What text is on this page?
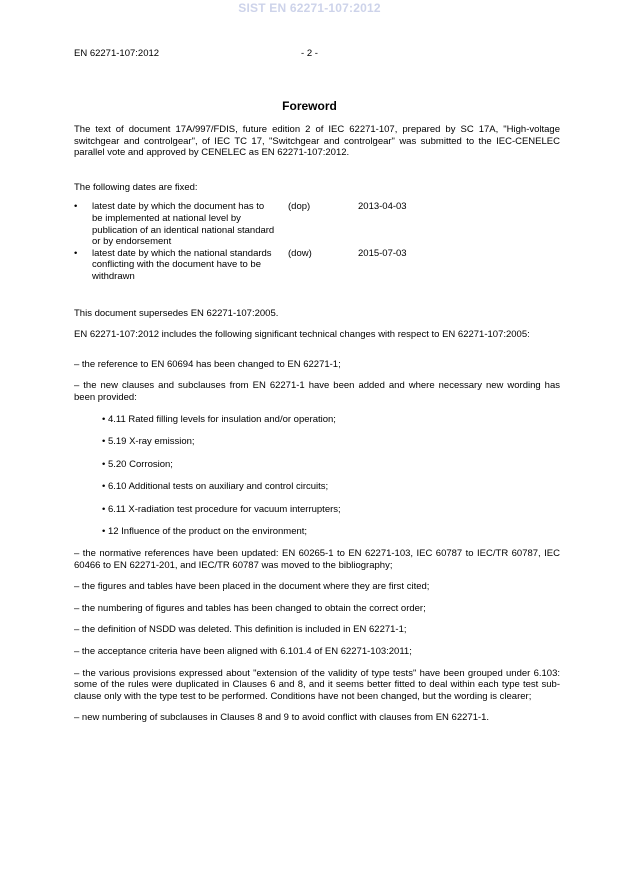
SIST EN 62271-107:2012
EN 62271-107:2012	- 2 -
Foreword

The text of document 17A/997/FDIS, future edition 2 of IEC 62271-107, prepared by SC 17A, "High-voltage switchgear and controlgear", of IEC TC 17, "Switchgear and controlgear" was submitted to the IEC-CENELEC parallel vote and approved by CENELEC as EN 62271-107:2012.

The following dates are fixed:

•	latest date by which the document has to be implemented at national level by publication of an identical national standard or by endorsement
(dop)	2013-04-03
•	latest date by which the national standards conflicting with the document have to be withdrawn
(dow)	2015-07-03

This document supersedes EN 62271-107:2005.

EN 62271-107:2012 includes the following significant technical changes with respect to EN 62271-107:2005:

– the reference to EN 60694 has been changed to EN 62271-1;

– the new clauses and subclauses from EN 62271-1 have been added and where necessary new wording has been provided:

• 4.11 Rated filling levels for insulation and/or operation;
• 5.19 X-ray emission;
• 5.20 Corrosion;
• 6.10 Additional tests on auxiliary and control circuits;
• 6.11 X-radiation test procedure for vacuum interrupters;
• 12 Influence of the product on the environment;

– the normative references have been updated: EN 60265-1 to EN 62271-103, IEC 60787 to IEC/TR 60787, IEC 60466 to EN 62271-201, and IEC/TR 60787 was moved to the bibliography;

– the figures and tables have been placed in the document where they are first cited;

– the numbering of figures and tables has been changed to obtain the correct order;

– the definition of NSDD was deleted. This definition is included in EN 62271-1;

– the acceptance criteria have been aligned with 6.101.4 of EN 62271-103:2011;

– the various provisions expressed about "extension of the validity of type tests" have been grouped under 6.103: some of the rules were duplicated in Clauses 6 and 8, and it seems better fitted to deal within each type test sub-clause only with the type test to be performed. Conditions have not been changed, but the wording is clearer;

– new numbering of subclauses in Clauses 8 and 9 to avoid conflict with clauses from EN 62271-1.
